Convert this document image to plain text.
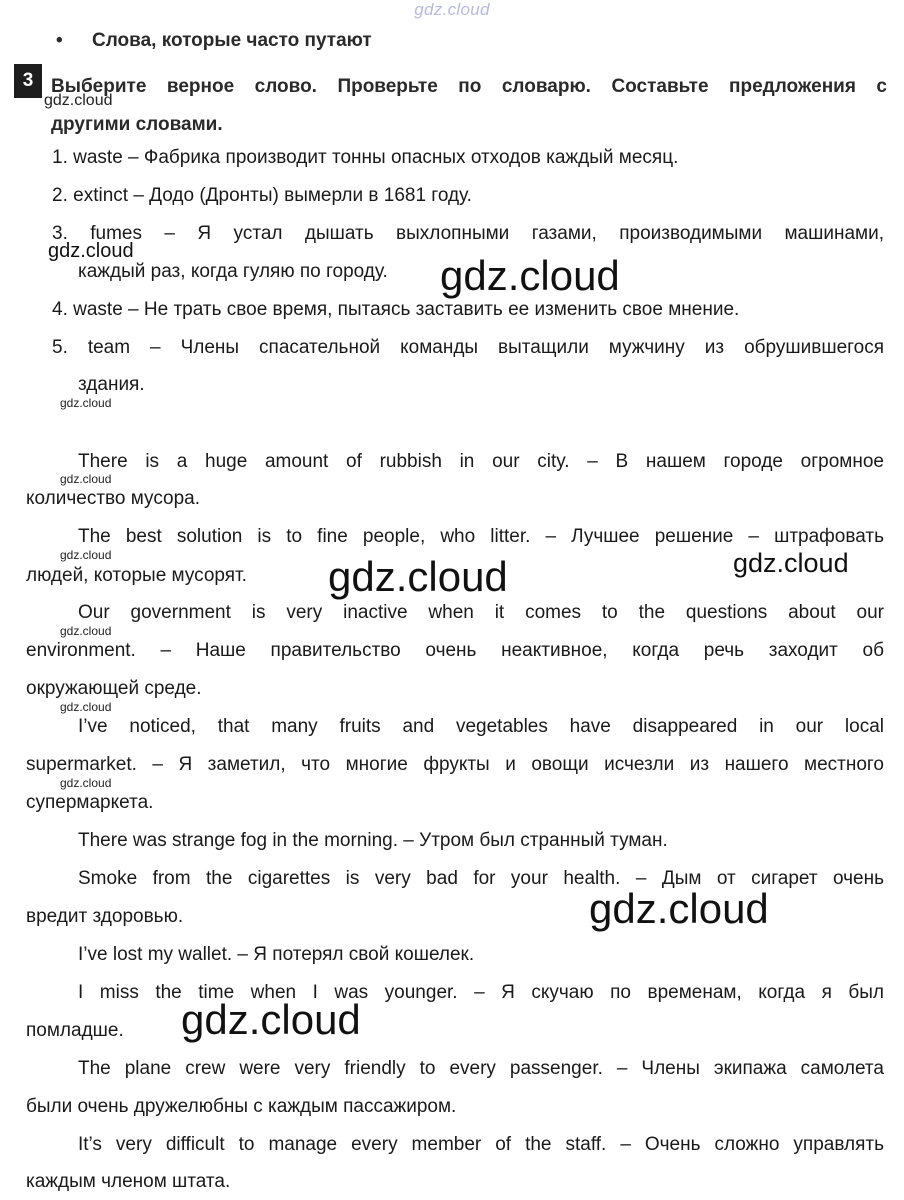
gdz.cloud
• Слова, которые часто путают
3 Выберите верное слово. Проверьте по словарю. Составьте предложения с
другими словами.
1. waste – Фабрика производит тонны опасных отходов каждый месяц.
2. extinct – Додо (Дронты) вымерли в 1681 году.
3. fumes – Я устал дышать выхлопными газами, производимыми машинами,
каждый раз, когда гуляю по городу.
4. waste – Не трать свое время, пытаясь заставить ее изменить свое мнение.
5. team – Члены спасательной команды вытащили мужчину из обрушившегося
здания.
There is a huge amount of rubbish in our city. – В нашем городе огромное
количество мусора.
The best solution is to fine people, who litter. – Лучшее решение – штрафовать
людей, которые мусорят.
Our government is very inactive when it comes to the questions about our
environment. – Наше правительство очень неактивное, когда речь заходит об
окружающей среде.
I’ve noticed, that many fruits and vegetables have disappeared in our local
supermarket. – Я заметил, что многие фрукты и овощи исчезли из нашего местного
супермаркета.
There was strange fog in the morning. – Утром был странный туман.
Smoke from the cigarettes is very bad for your health. – Дым от сигарет очень
вредит здоровью.
I’ve lost my wallet. – Я потерял свой кошелек.
I miss the time when I was younger. – Я скучаю по временам, когда я был
помладше.
The plane crew were very friendly to every passenger. – Члены экипажа самолета
были очень дружелюбны с каждым пассажиром.
It’s very difficult to manage every member of the staff. – Очень сложно управлять
каждым членом штата.
gdz.cloud
gdz.cloud
gdz.cloud
gdz.cloud
gdz.cloud
gdz.cloud	gdz.cloud
gdz.cloud
gdz.cloud
gdz.cloud
gdz.cloud
gdz.cloud
gdz.cloud
